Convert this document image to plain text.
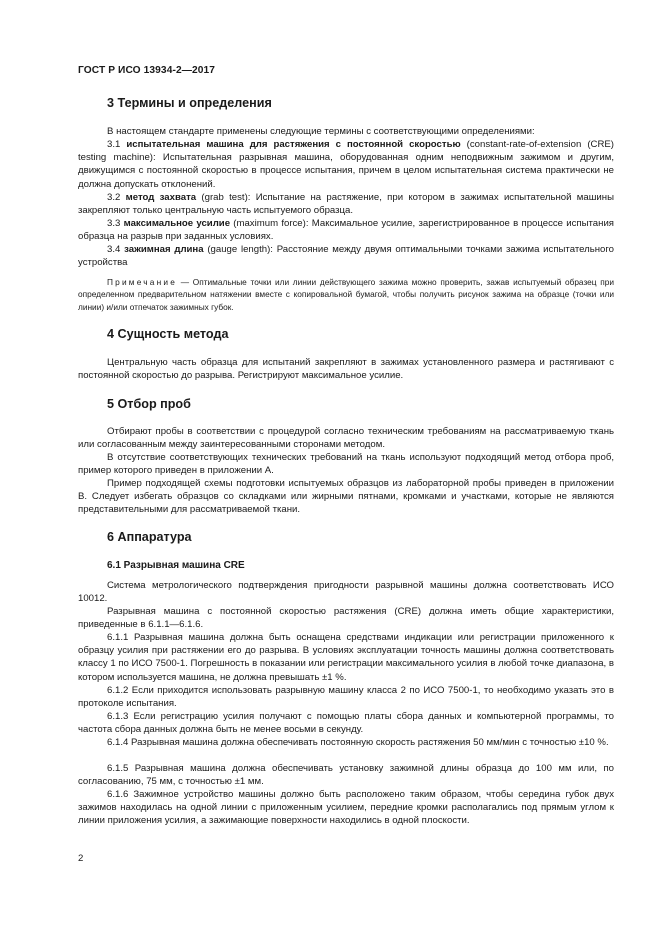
ГОСТ Р ИСО 13934-2—2017
3 Термины и определения
В настоящем стандарте применены следующие термины с соответствующими определениями:
3.1 испытательная машина для растяжения с постоянной скоростью (constant-rate-of-extension (CRE) testing machine): Испытательная разрывная машина, оборудованная одним неподвижным зажимом и другим, движущимся с постоянной скоростью в процессе испытания, причем в целом испытательная система практически не должна допускать отклонений.
3.2 метод захвата (grab test): Испытание на растяжение, при котором в зажимах испытательной машины закрепляют только центральную часть испытуемого образца.
3.3 максимальное усилие (maximum force): Максимальное усилие, зарегистрированное в процессе испытания образца на разрыв при заданных условиях.
3.4 зажимная длина (gauge length): Расстояние между двумя оптимальными точками зажима испытательного устройства
Примечание — Оптимальные точки или линии действующего зажима можно проверить, зажав испытуемый образец при определенном предварительном натяжении вместе с копировальной бумагой, чтобы получить рисунок зажима на образце (точки или линии) и/или отпечаток зажимных губок.
4 Сущность метода
Центральную часть образца для испытаний закрепляют в зажимах установленного размера и растягивают с постоянной скоростью до разрыва. Регистрируют максимальное усилие.
5 Отбор проб
Отбирают пробы в соответствии с процедурой согласно техническим требованиям на рассматриваемую ткань или согласованным между заинтересованными сторонами методом.
В отсутствие соответствующих технических требований на ткань используют подходящий метод отбора проб, пример которого приведен в приложении А.
Пример подходящей схемы подготовки испытуемых образцов из лабораторной пробы приведен в приложении В. Следует избегать образцов со складками или жирными пятнами, кромками и участками, которые не являются представительными для рассматриваемой ткани.
6 Аппаратура
6.1 Разрывная машина CRE
Система метрологического подтверждения пригодности разрывной машины должна соответствовать ИСО 10012.
Разрывная машина с постоянной скоростью растяжения (CRE) должна иметь общие характеристики, приведенные в 6.1.1—6.1.6.
6.1.1 Разрывная машина должна быть оснащена средствами индикации или регистрации приложенного к образцу усилия при растяжении его до разрыва. В условиях эксплуатации точность машины должна соответствовать классу 1 по ИСО 7500-1. Погрешность в показании или регистрации максимального усилия в любой точке диапазона, в котором используется машина, не должна превышать ±1 %.
6.1.2 Если приходится использовать разрывную машину класса 2 по ИСО 7500-1, то необходимо указать это в протоколе испытания.
6.1.3 Если регистрацию усилия получают с помощью платы сбора данных и компьютерной программы, то частота сбора данных должна быть не менее восьми в секунду.
6.1.4 Разрывная машина должна обеспечивать постоянную скорость растяжения 50 мм/мин с точностью ±10 %.
6.1.5 Разрывная машина должна обеспечивать установку зажимной длины образца до 100 мм или, по согласованию, 75 мм, с точностью ±1 мм.
6.1.6 Зажимное устройство машины должно быть расположено таким образом, чтобы середина губок двух зажимов находилась на одной линии с приложенным усилием, передние кромки располагались под прямым углом к линии приложения усилия, а зажимающие поверхности находились в одной плоскости.
2
